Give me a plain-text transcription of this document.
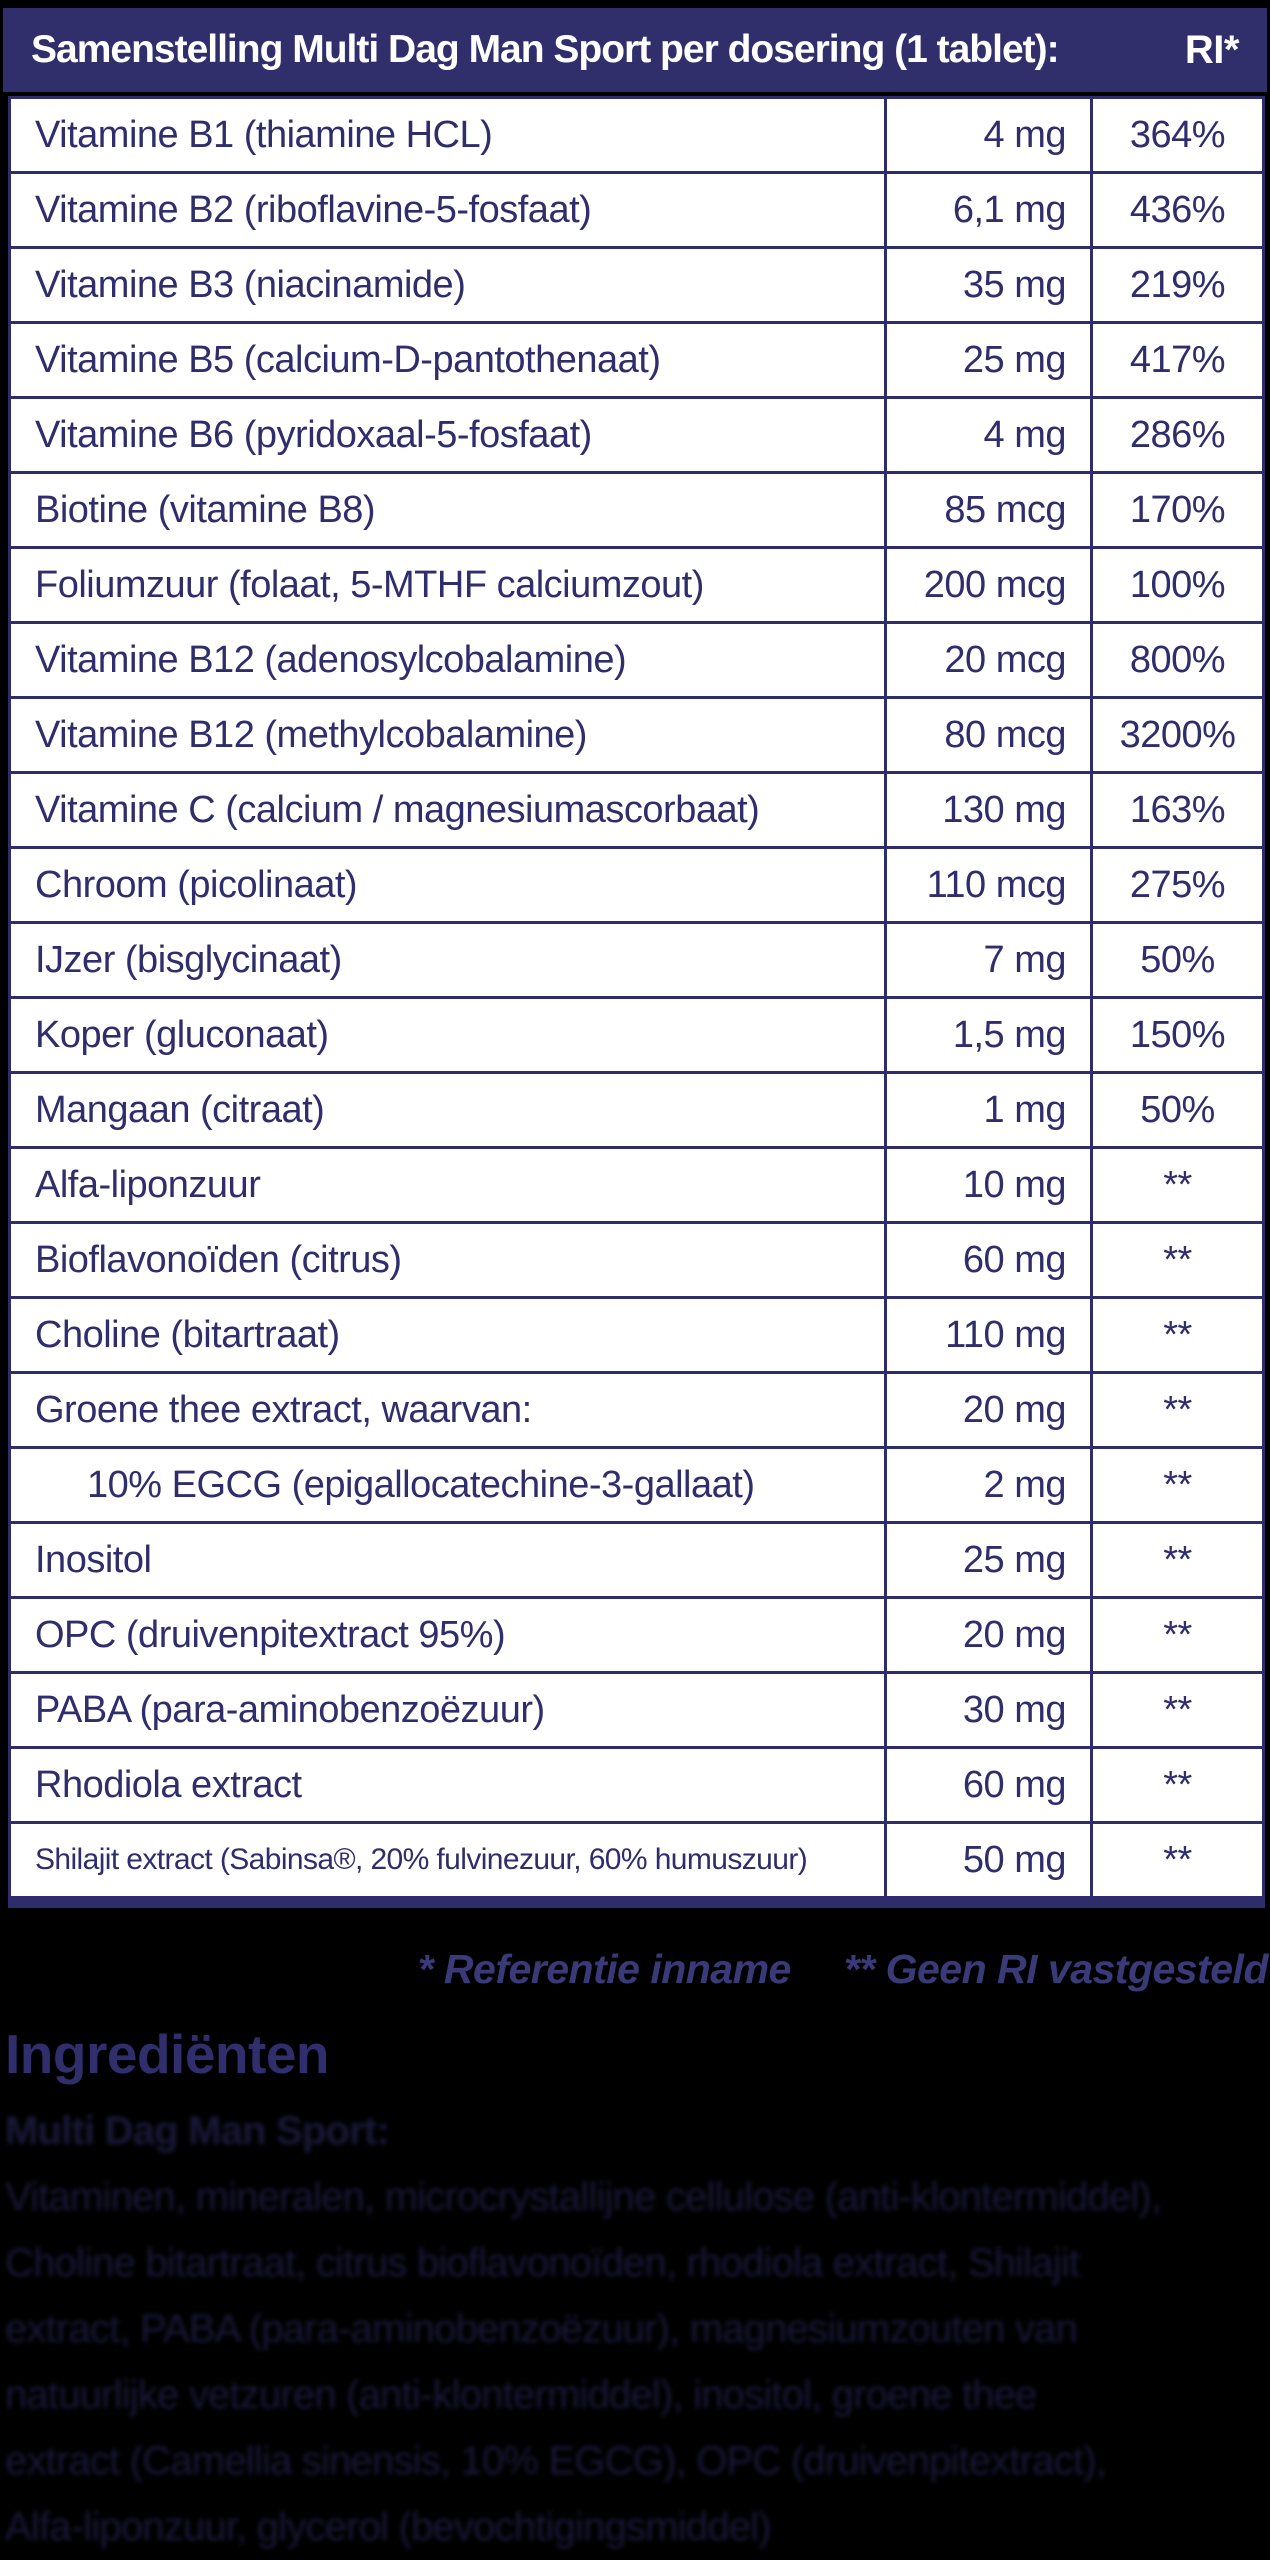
Samenstelling Multi Dag Man Sport per dosering (1 tablet):	RI*
Vitamine B1 (thiamine HCL)	4 mg	364%
Vitamine B2 (riboflavine-5-fosfaat)	6,1 mg	436%
Vitamine B3 (niacinamide)	35 mg	219%
Vitamine B5 (calcium-D-pantothenaat)	25 mg	417%
Vitamine B6 (pyridoxaal-5-fosfaat)	4 mg	286%
Biotine (vitamine B8)	85 mcg	170%
Foliumzuur (folaat, 5-MTHF calciumzout)	200 mcg	100%
Vitamine B12 (adenosylcobalamine)	20 mcg	800%
Vitamine B12 (methylcobalamine)	80 mcg	3200%
Vitamine C (calcium / magnesiumascorbaat)	130 mg	163%
Chroom (picolinaat)	110 mcg	275%
IJzer (bisglycinaat)	7 mg	50%
Koper (gluconaat)	1,5 mg	150%
Mangaan (citraat)	1 mg	50%
Alfa-liponzuur	10 mg	**
Bioflavonoïden (citrus)	60 mg	**
Choline (bitartraat)	110 mg	**
Groene thee extract, waarvan:	20 mg	**
10% EGCG (epigallocatechine-3-gallaat)	2 mg	**
Inositol	25 mg	**
OPC (druivenpitextract 95%)	20 mg	**
PABA (para-aminobenzoëzuur)	30 mg	**
Rhodiola extract	60 mg	**
Shilajit extract (Sabinsa®, 20% fulvinezuur, 60% humuszuur)	50 mg	**
* Referentie inname ** Geen RI vastgesteld
Ingrediënten
Multi Dag Man Sport:
Vitaminen, mineralen, microcrystallijne cellulose (anti-klontermiddel),
Choline bitartraat, citrus bioflavonoïden, rhodiola extract, Shilajit
extract, PABA (para-aminobenzoëzuur), magnesiumzouten van
natuurlijke vetzuren (anti-klontermiddel), inositol, groene thee
extract (Camellia sinensis, 10% EGCG), OPC (druivenpitextract),
Alfa-liponzuur, glycerol (bevochtigingsmiddel)
